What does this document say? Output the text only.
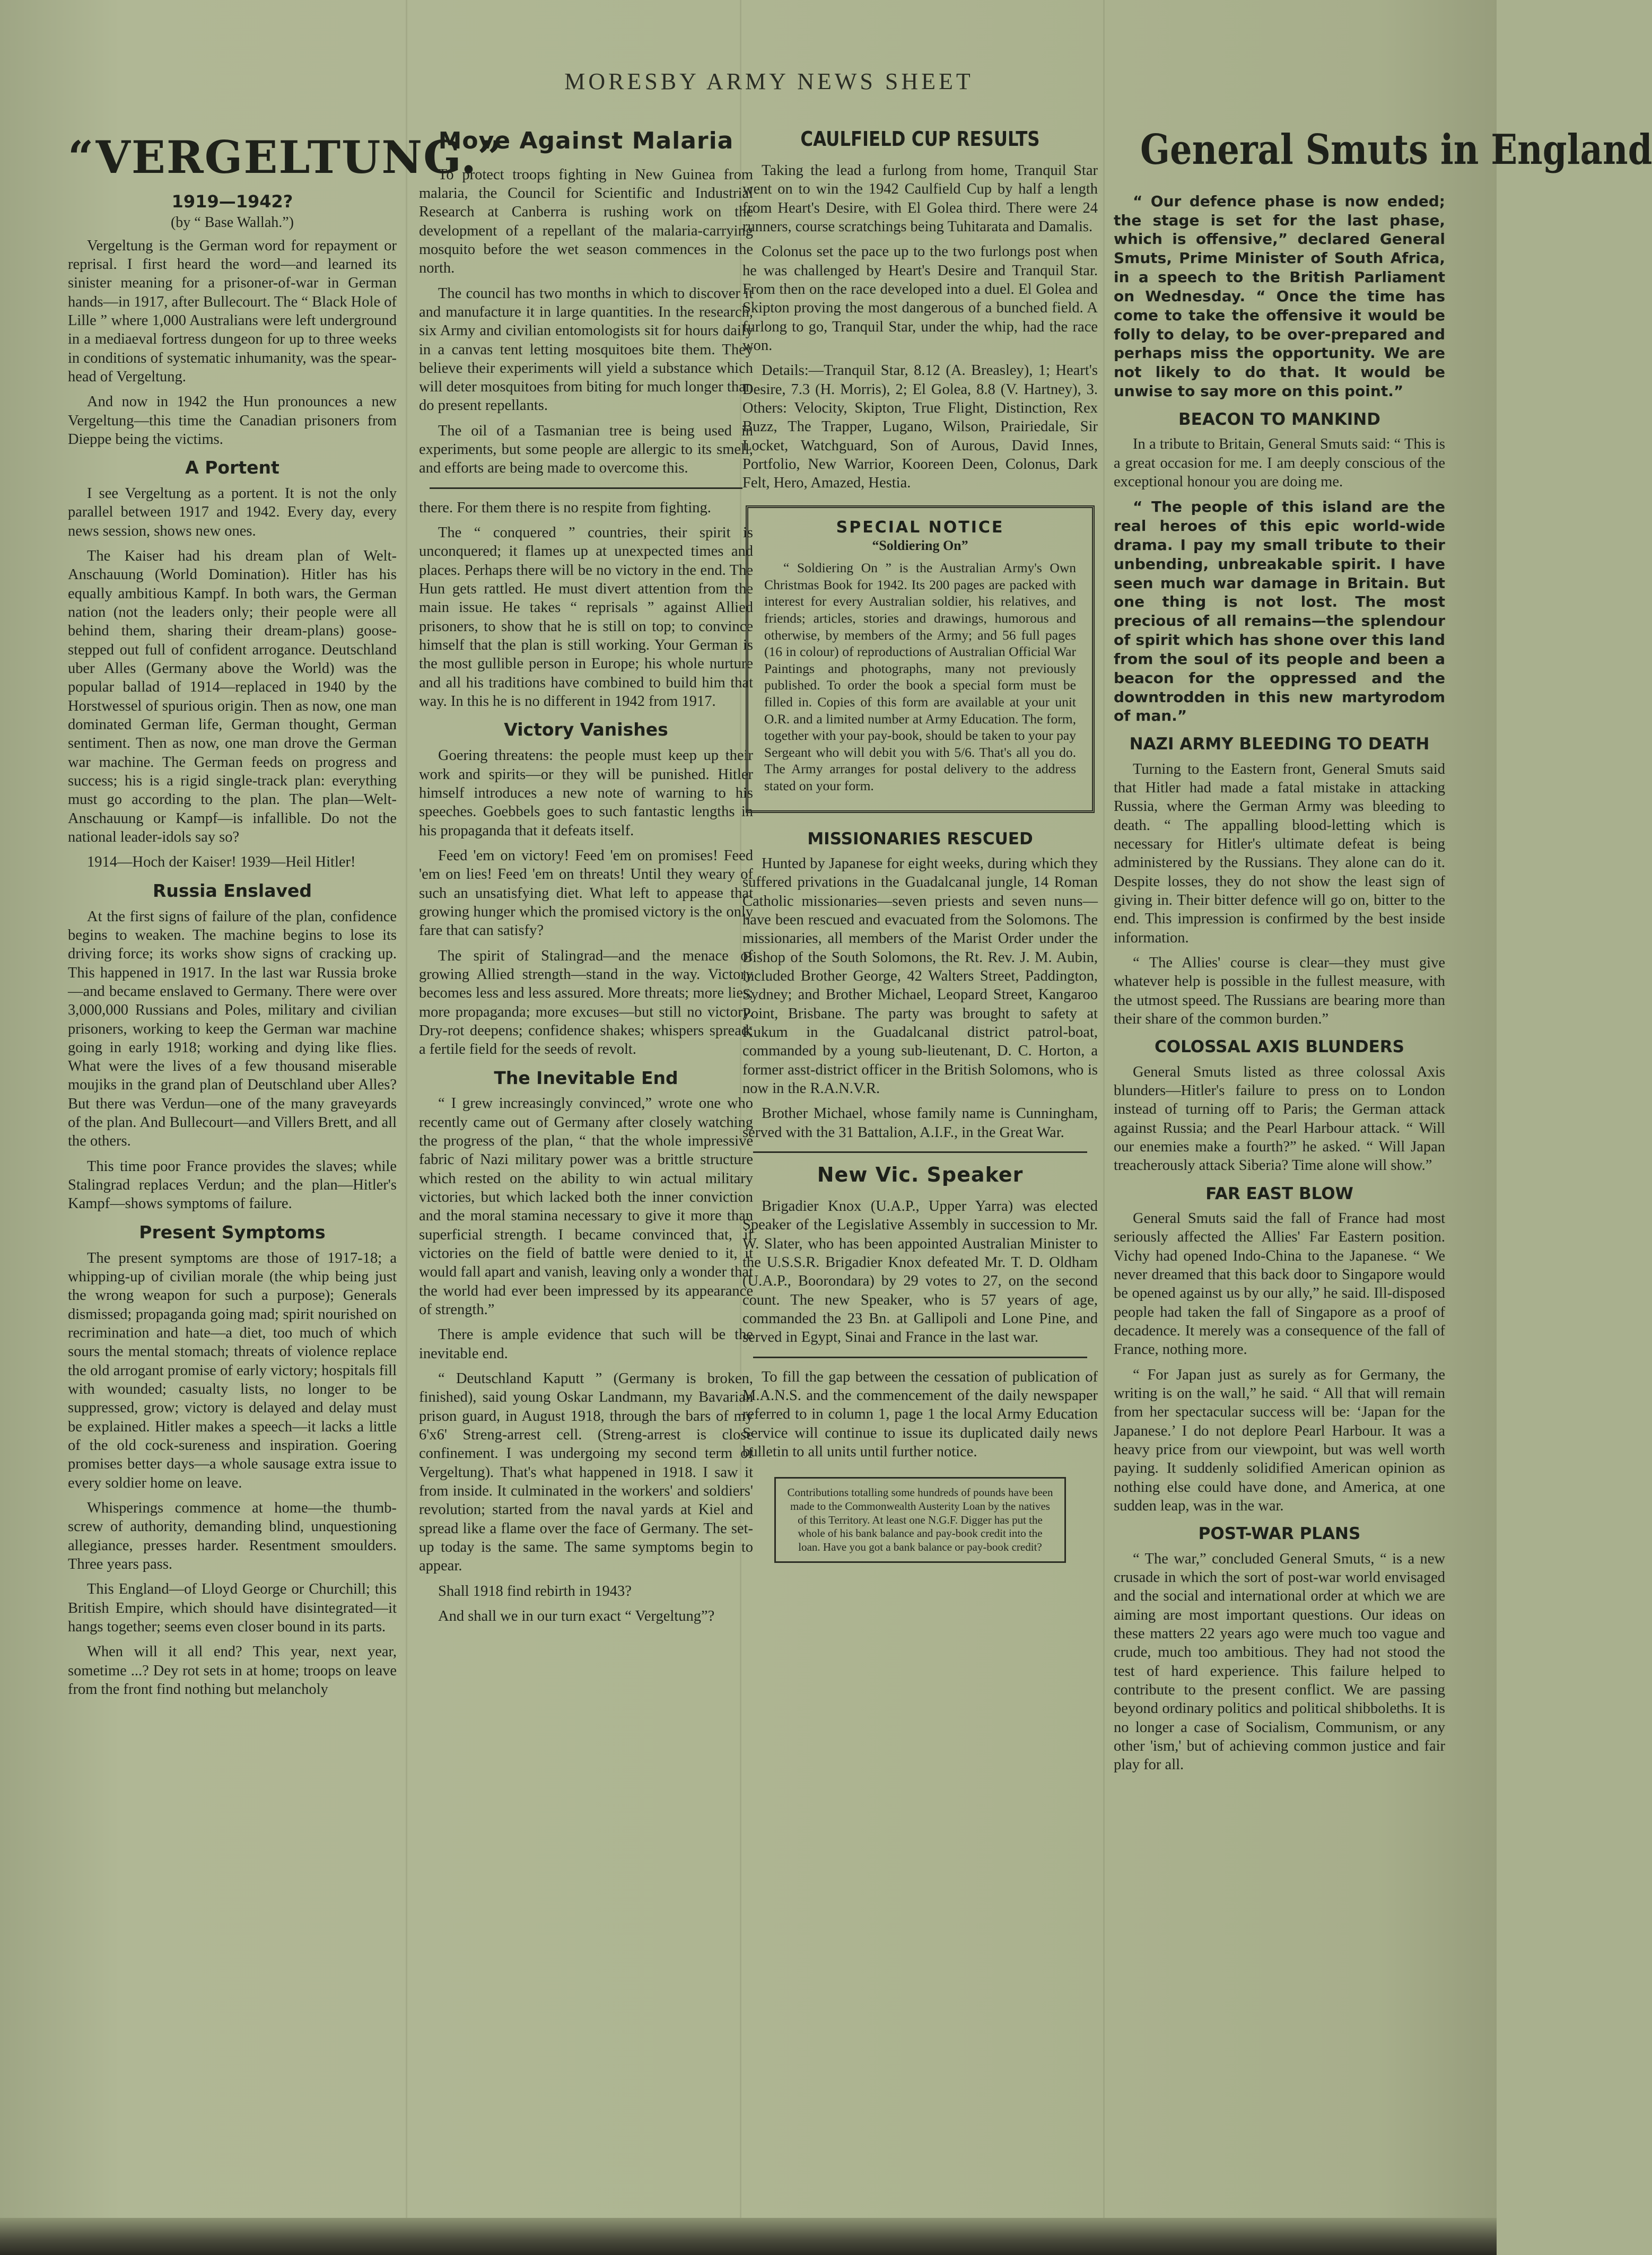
MORESBY ARMY NEWS SHEET
“VERGELTUNG.”
1919—1942?
(by “ Base Wallah.”)

Vergeltung is the German word for repayment or reprisal. I first heard the word—and learned its sinister meaning for a prisoner-of-war in German hands—in 1917, after Bullecourt. The “ Black Hole of Lille ” where 1,000 Australians were left underground in a mediaeval fortress dungeon for up to three weeks in conditions of systematic inhumanity, was the spear-head of Vergeltung.

And now in 1942 the Hun pronounces a new Vergeltung—this time the Canadian prisoners from Dieppe being the victims.

A Portent

I see Vergeltung as a portent. It is not the only parallel between 1917 and 1942. Every day, every news session, shows new ones.

The Kaiser had his dream plan of Welt-Anschauung (World Domination). Hitler has his equally ambitious Kampf. In both wars, the German nation (not the leaders only; their people were all behind them, sharing their dream-plans) goose-stepped out full of confident arrogance. Deutschland uber Alles (Germany above the World) was the popular ballad of 1914—replaced in 1940 by the Horstwessel of spurious origin. Then as now, one man dominated German life, German thought, German sentiment. Then as now, one man drove the German war machine. The German feeds on progress and success; his is a rigid single-track plan: everything must go according to the plan. The plan—Welt-Anschauung or Kampf—is infallible. Do not the national leader-idols say so?

1914—Hoch der Kaiser! 1939—Heil Hitler!

Russia Enslaved

At the first signs of failure of the plan, confidence begins to weaken. The machine begins to lose its driving force; its works show signs of cracking up. This happened in 1917. In the last war Russia broke—and became enslaved to Germany. There were over 3,000,000 Russians and Poles, military and civilian prisoners, working to keep the German war machine going in early 1918; working and dying like flies. What were the lives of a few thousand miserable moujiks in the grand plan of Deutschland uber Alles? But there was Verdun—one of the many graveyards of the plan. And Bullecourt—and Villers Brett, and all the others.

This time poor France provides the slaves; while Stalingrad replaces Verdun; and the plan—Hitler's Kampf—shows symptoms of failure.

Present Symptoms

The present symptoms are those of 1917-18; a whipping-up of civilian morale (the whip being just the wrong weapon for such a purpose); Generals dismissed; propaganda going mad; spirit nourished on recrimination and hate—a diet, too much of which sours the mental stomach; threats of violence replace the old arrogant promise of early victory; hospitals fill with wounded; casualty lists, no longer to be suppressed, grow; victory is delayed and delay must be explained. Hitler makes a speech—it lacks a little of the old cock-sureness and inspiration. Goering promises better days—a whole sausage extra issue to every soldier home on leave.

Whisperings commence at home—the thumb-screw of authority, demanding blind, unquestioning allegiance, presses harder. Resentment smoulders. Three years pass.

This England—of Lloyd George or Churchill; this British Empire, which should have disintegrated—it hangs together; seems even closer bound in its parts.

When will it all end? This year, next year, sometime ...? Dey rot sets in at home; troops on leave from the front find nothing but melancholy

Move Against Malaria

To protect troops fighting in New Guinea from malaria, the Council for Scientific and Industrial Research at Canberra is rushing work on the development of a repellant of the malaria-carrying mosquito before the wet season commences in the north.

The council has two months in which to discover it and manufacture it in large quantities. In the research, six Army and civilian entomologists sit for hours daily in a canvas tent letting mosquitoes bite them. They believe their experiments will yield a substance which will deter mosquitoes from biting for much longer than do present repellants.

The oil of a Tasmanian tree is being used in experiments, but some people are allergic to its smell, and efforts are being made to overcome this.

there. For them there is no respite from fighting.

The “ conquered ” countries, their spirit is unconquered; it flames up at unexpected times and places. Perhaps there will be no victory in the end. The Hun gets rattled. He must divert attention from the main issue. He takes “ reprisals ” against Allied prisoners, to show that he is still on top; to convince himself that the plan is still working. Your German is the most gullible person in Europe; his whole nurture and all his traditions have combined to build him that way. In this he is no different in 1942 from 1917.

Victory Vanishes

Goering threatens: the people must keep up their work and spirits—or they will be punished. Hitler himself introduces a new note of warning to his speeches. Goebbels goes to such fantastic lengths in his propaganda that it defeats itself.

Feed 'em on victory! Feed 'em on promises! Feed 'em on lies! Feed 'em on threats! Until they weary of such an unsatisfying diet. What left to appease that growing hunger which the promised victory is the only fare that can satisfy?

The spirit of Stalingrad—and the menace of growing Allied strength—stand in the way. Victory becomes less and less assured. More threats; more lies; more propaganda; more excuses—but still no victory. Dry-rot deepens; confidence shakes; whispers spread; a fertile field for the seeds of revolt.

The Inevitable End

“ I grew increasingly convinced,” wrote one who recently came out of Germany after closely watching the progress of the plan, “ that the whole impressive fabric of Nazi military power was a brittle structure which rested on the ability to win actual military victories, but which lacked both the inner conviction and the moral stamina necessary to give it more than superficial strength. I became convinced that, if victories on the field of battle were denied to it, it would fall apart and vanish, leaving only a wonder that the world had ever been impressed by its appearance of strength.”

There is ample evidence that such will be the inevitable end.

“ Deutschland Kaputt ” (Germany is broken, finished), said young Oskar Landmann, my Bavarian prison guard, in August 1918, through the bars of my 6'x6' Streng-arrest cell. (Streng-arrest is close confinement. I was undergoing my second term of Vergeltung). That's what happened in 1918. I saw it from inside. It culminated in the workers' and soldiers' revolution; started from the naval yards at Kiel and spread like a flame over the face of Germany. The set-up today is the same. The same symptoms begin to appear.

Shall 1918 find rebirth in 1943?

And shall we in our turn exact “ Vergeltung”?

CAULFIELD CUP RESULTS

Taking the lead a furlong from home, Tranquil Star went on to win the 1942 Caulfield Cup by half a length from Heart's Desire, with El Golea third. There were 24 runners, course scratchings being Tuhitarata and Damalis.

Colonus set the pace up to the two furlongs post when he was challenged by Heart's Desire and Tranquil Star. From then on the race developed into a duel. El Golea and Skipton proving the most dangerous of a bunched field. A furlong to go, Tranquil Star, under the whip, had the race won.

Details:—Tranquil Star, 8.12 (A. Breasley), 1; Heart's Desire, 7.3 (H. Morris), 2; El Golea, 8.8 (V. Hartney), 3. Others: Velocity, Skipton, True Flight, Distinction, Rex Buzz, The Trapper, Lugano, Wilson, Prairiedale, Sir Locket, Watchguard, Son of Aurous, David Innes, Portfolio, New Warrior, Kooreen Deen, Colonus, Dark Felt, Hero, Amazed, Hestia.

SPECIAL NOTICE
“Soldiering On”

“ Soldiering On ” is the Australian Army's Own Christmas Book for 1942. Its 200 pages are packed with interest for every Australian soldier, his relatives, and friends; articles, stories and drawings, humorous and otherwise, by members of the Army; and 56 full pages (16 in colour) of reproductions of Australian Official War Paintings and photographs, many not previously published. To order the book a special form must be filled in. Copies of this form are available at your unit O.R. and a limited number at Army Education. The form, together with your pay-book, should be taken to your pay Sergeant who will debit you with 5/6. That's all you do. The Army arranges for postal delivery to the address stated on your form.

MISSIONARIES RESCUED

Hunted by Japanese for eight weeks, during which they suffered privations in the Guadalcanal jungle, 14 Roman Catholic missionaries—seven priests and seven nuns—have been rescued and evacuated from the Solomons. The missionaries, all members of the Marist Order under the Bishop of the South Solomons, the Rt. Rev. J. M. Aubin, included Brother George, 42 Walters Street, Paddington, Sydney; and Brother Michael, Leopard Street, Kangaroo Point, Brisbane. The party was brought to safety at Kukum in the Guadalcanal district patrol-boat, commanded by a young sub-lieutenant, D. C. Horton, a former asst-district officer in the British Solomons, who is now in the R.A.N.V.R.

Brother Michael, whose family name is Cunningham, served with the 31 Battalion, A.I.F., in the Great War.

New Vic. Speaker

Brigadier Knox (U.A.P., Upper Yarra) was elected Speaker of the Legislative Assembly in succession to Mr. W. Slater, who has been appointed Australian Minister to the U.S.S.R. Brigadier Knox defeated Mr. T. D. Oldham (U.A.P., Boorondara) by 29 votes to 27, on the second count. The new Speaker, who is 57 years of age, commanded the 23 Bn. at Gallipoli and Lone Pine, and served in Egypt, Sinai and France in the last war.

To fill the gap between the cessation of publication of M.A.N.S. and the commencement of the daily newspaper referred to in column 1, page 1 the local Army Education Service will continue to issue its duplicated daily news bulletin to all units until further notice.

Contributions totalling some hundreds of pounds have been made to the Commonwealth Austerity Loan by the natives of this Territory. At least one N.G.F. Digger has put the whole of his bank balance and pay-book credit into the loan. Have you got a bank balance or pay-book credit?
General Smuts in England

“ Our defence phase is now ended; the stage is set for the last phase, which is offensive,” declared General Smuts, Prime Minister of South Africa, in a speech to the British Parliament on Wednesday. “ Once the time has come to take the offensive it would be folly to delay, to be over-prepared and perhaps miss the opportunity. We are not likely to do that. It would be unwise to say more on this point.”

BEACON TO MANKIND

In a tribute to Britain, General Smuts said: “ This is a great occasion for me. I am deeply conscious of the exceptional honour you are doing me.

“ The people of this island are the real heroes of this epic world-wide drama. I pay my small tribute to their unbending, unbreakable spirit. I have seen much war damage in Britain. But one thing is not lost. The most precious of all remains—the splendour of spirit which has shone over this land from the soul of its people and been a beacon for the oppressed and the downtrodden in this new martyrodom of man.”

NAZI ARMY BLEEDING TO DEATH

Turning to the Eastern front, General Smuts said that Hitler had made a fatal mistake in attacking Russia, where the German Army was bleeding to death. “ The appalling blood-letting which is necessary for Hitler's ultimate defeat is being administered by the Russians. They alone can do it. Despite losses, they do not show the least sign of giving in. Their bitter defence will go on, bitter to the end. This impression is confirmed by the best inside information.

“ The Allies' course is clear—they must give whatever help is possible in the fullest measure, with the utmost speed. The Russians are bearing more than their share of the common burden.”

COLOSSAL AXIS BLUNDERS

General Smuts listed as three colossal Axis blunders—Hitler's failure to press on to London instead of turning off to Paris; the German attack against Russia; and the Pearl Harbour attack. “ Will our enemies make a fourth?” he asked. “ Will Japan treacherously attack Siberia? Time alone will show.”

FAR EAST BLOW

General Smuts said the fall of France had most seriously affected the Allies' Far Eastern position. Vichy had opened Indo-China to the Japanese. “ We never dreamed that this back door to Singapore would be opened against us by our ally,” he said. Ill-disposed people had taken the fall of Singapore as a proof of decadence. It merely was a consequence of the fall of France, nothing more.

“ For Japan just as surely as for Germany, the writing is on the wall,” he said. “ All that will remain from her spectacular success will be: ‘Japan for the Japanese.’ I do not deplore Pearl Harbour. It was a heavy price from our viewpoint, but was well worth paying. It suddenly solidified American opinion as nothing else could have done, and America, at one sudden leap, was in the war.

POST-WAR PLANS

“ The war,” concluded General Smuts, “ is a new crusade in which the sort of post-war world envisaged and the social and international order at which we are aiming are most important questions. Our ideas on these matters 22 years ago were much too vague and crude, much too ambitious. They had not stood the test of hard experience. This failure helped to contribute to the present conflict. We are passing beyond ordinary politics and political shibboleths. It is no longer a case of Socialism, Communism, or any other 'ism,' but of achieving common justice and fair play for all.
